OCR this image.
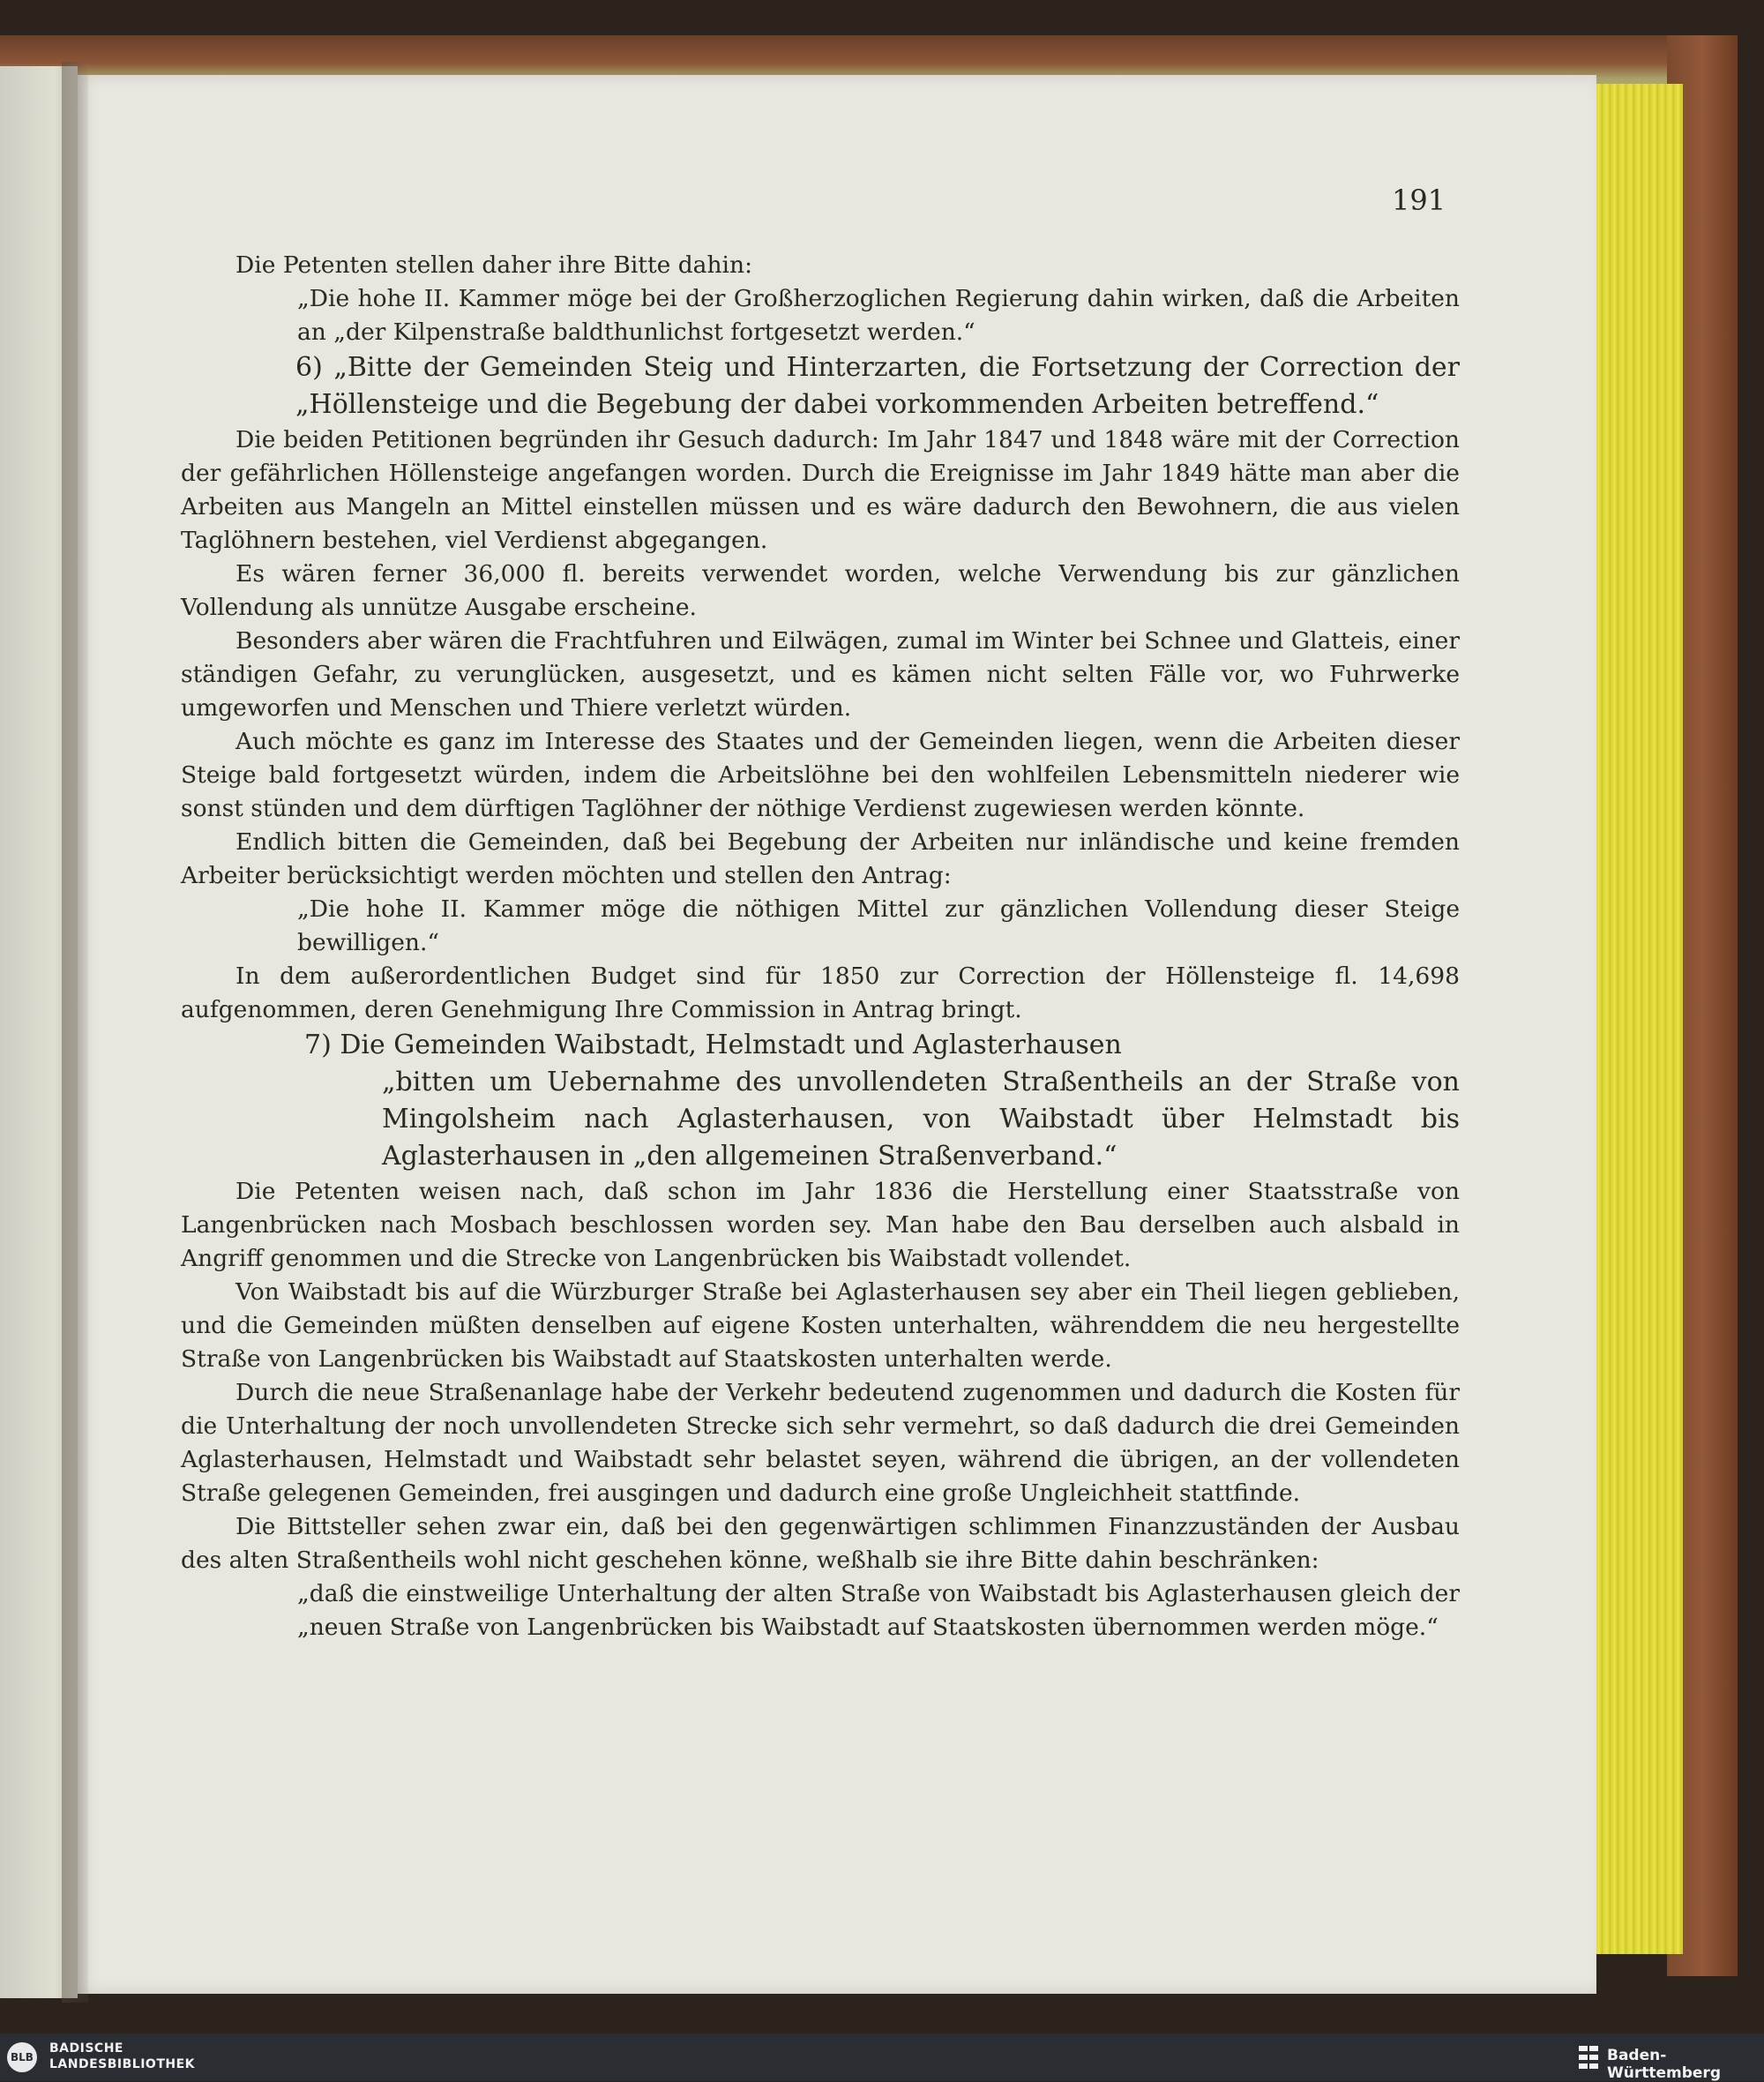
191

Die Petenten stellen daher ihre Bitte dahin:

„Die hohe II. Kammer möge bei der Großherzoglichen Regierung dahin wirken, daß die Arbeiten an „der Kilpenstraße baldthunlichst fortgesetzt werden.“

6) „Bitte der Gemeinden Steig und Hinterzarten, die Fortsetzung der Correction der „Höllensteige und die Begebung der dabei vorkommenden Arbeiten betreffend.“

Die beiden Petitionen begründen ihr Gesuch dadurch: Im Jahr 1847 und 1848 wäre mit der Correction der gefährlichen Höllensteige angefangen worden. Durch die Ereignisse im Jahr 1849 hätte man aber die Arbeiten aus Mangeln an Mittel einstellen müssen und es wäre dadurch den Bewohnern, die aus vielen Taglöhnern bestehen, viel Verdienst abgegangen.

Es wären ferner 36,000 fl. bereits verwendet worden, welche Verwendung bis zur gänzlichen Vollendung als unnütze Ausgabe erscheine.

Besonders aber wären die Frachtfuhren und Eilwägen, zumal im Winter bei Schnee und Glatteis, einer ständigen Gefahr, zu verunglücken, ausgesetzt, und es kämen nicht selten Fälle vor, wo Fuhrwerke umgeworfen und Menschen und Thiere verletzt würden.

Auch möchte es ganz im Interesse des Staates und der Gemeinden liegen, wenn die Arbeiten dieser Steige bald fortgesetzt würden, indem die Arbeitslöhne bei den wohlfeilen Lebensmitteln niederer wie sonst stünden und dem dürftigen Taglöhner der nöthige Verdienst zugewiesen werden könnte.

Endlich bitten die Gemeinden, daß bei Begebung der Arbeiten nur inländische und keine fremden Arbeiter berücksichtigt werden möchten und stellen den Antrag:

„Die hohe II. Kammer möge die nöthigen Mittel zur gänzlichen Vollendung dieser Steige bewilligen.“

In dem außerordentlichen Budget sind für 1850 zur Correction der Höllensteige fl. 14,698 aufgenommen, deren Genehmigung Ihre Commission in Antrag bringt.

7) Die Gemeinden Waibstadt, Helmstadt und Aglasterhausen

„bitten um Uebernahme des unvollendeten Straßentheils an der Straße von Mingolsheim nach Aglasterhausen, von Waibstadt über Helmstadt bis Aglasterhausen in „den allgemeinen Straßenverband.“

Die Petenten weisen nach, daß schon im Jahr 1836 die Herstellung einer Staatsstraße von Langenbrücken nach Mosbach beschlossen worden sey. Man habe den Bau derselben auch alsbald in Angriff genommen und die Strecke von Langenbrücken bis Waibstadt vollendet.

Von Waibstadt bis auf die Würzburger Straße bei Aglasterhausen sey aber ein Theil liegen geblieben, und die Gemeinden müßten denselben auf eigene Kosten unterhalten, währenddem die neu hergestellte Straße von Langenbrücken bis Waibstadt auf Staatskosten unterhalten werde.

Durch die neue Straßenanlage habe der Verkehr bedeutend zugenommen und dadurch die Kosten für die Unterhaltung der noch unvollendeten Strecke sich sehr vermehrt, so daß dadurch die drei Gemeinden Aglasterhausen, Helmstadt und Waibstadt sehr belastet seyen, während die übrigen, an der vollendeten Straße gelegenen Gemeinden, frei ausgingen und dadurch eine große Ungleichheit stattfinde.

Die Bittsteller sehen zwar ein, daß bei den gegenwärtigen schlimmen Finanzzuständen der Ausbau des alten Straßentheils wohl nicht geschehen könne, weßhalb sie ihre Bitte dahin beschränken:

„daß die einstweilige Unterhaltung der alten Straße von Waibstadt bis Aglasterhausen gleich der „neuen Straße von Langenbrücken bis Waibstadt auf Staatskosten übernommen werden möge.“

BLB
BADISCHE
LANDESBIBLIOTHEK	Baden-Württemberg
